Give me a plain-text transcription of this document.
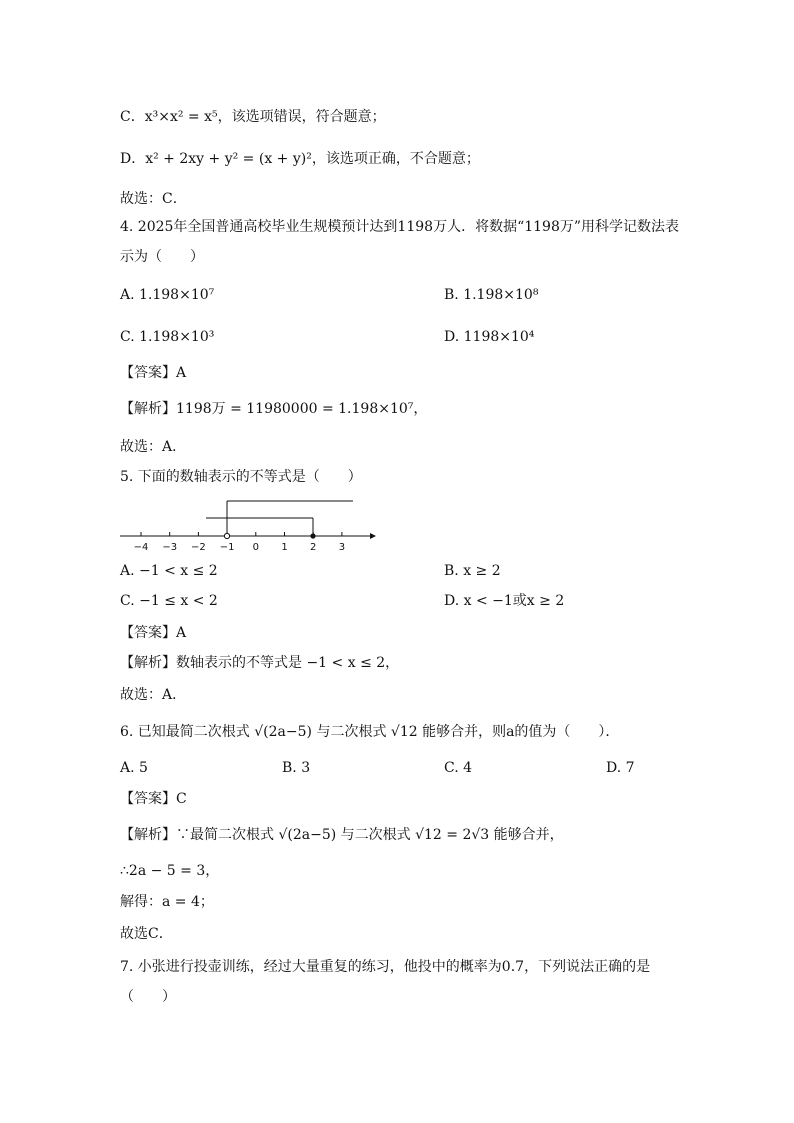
C．x³×x² = x⁵，该选项错误，符合题意；
D．x² + 2xy + y² = (x + y)²，该选项正确，不合题意；
故选：C．
4. 2025年全国普通高校毕业生规模预计达到1198万人．将数据“1198万”用科学记数法表
示为（　　）
A. 1.198×10⁷	B. 1.198×10⁸
C. 1.198×10³	D. 1198×10⁴
【答案】A
【解析】1198万 = 11980000 = 1.198×10⁷，
故选：A．
5. 下面的数轴表示的不等式是（　　）
−4 −3 −2 −1 0 1 2 3
A. −1 < x ≤ 2	B. x ≥ 2
C. −1 ≤ x < 2	D. x < −1或x ≥ 2
【答案】A
【解析】数轴表示的不等式是 −1 < x ≤ 2，
故选：A．
6. 已知最简二次根式 √(2a−5) 与二次根式 √12 能够合并，则a的值为（　　）．
A. 5	B. 3	C. 4	D. 7
【答案】C
【解析】∵最简二次根式 √(2a−5) 与二次根式 √12 = 2√3 能够合并，
∴2a − 5 = 3，
解得：a = 4；
故选C．
7. 小张进行投壶训练，经过大量重复的练习，他投中的概率为0.7，下列说法正确的是
（　　）
